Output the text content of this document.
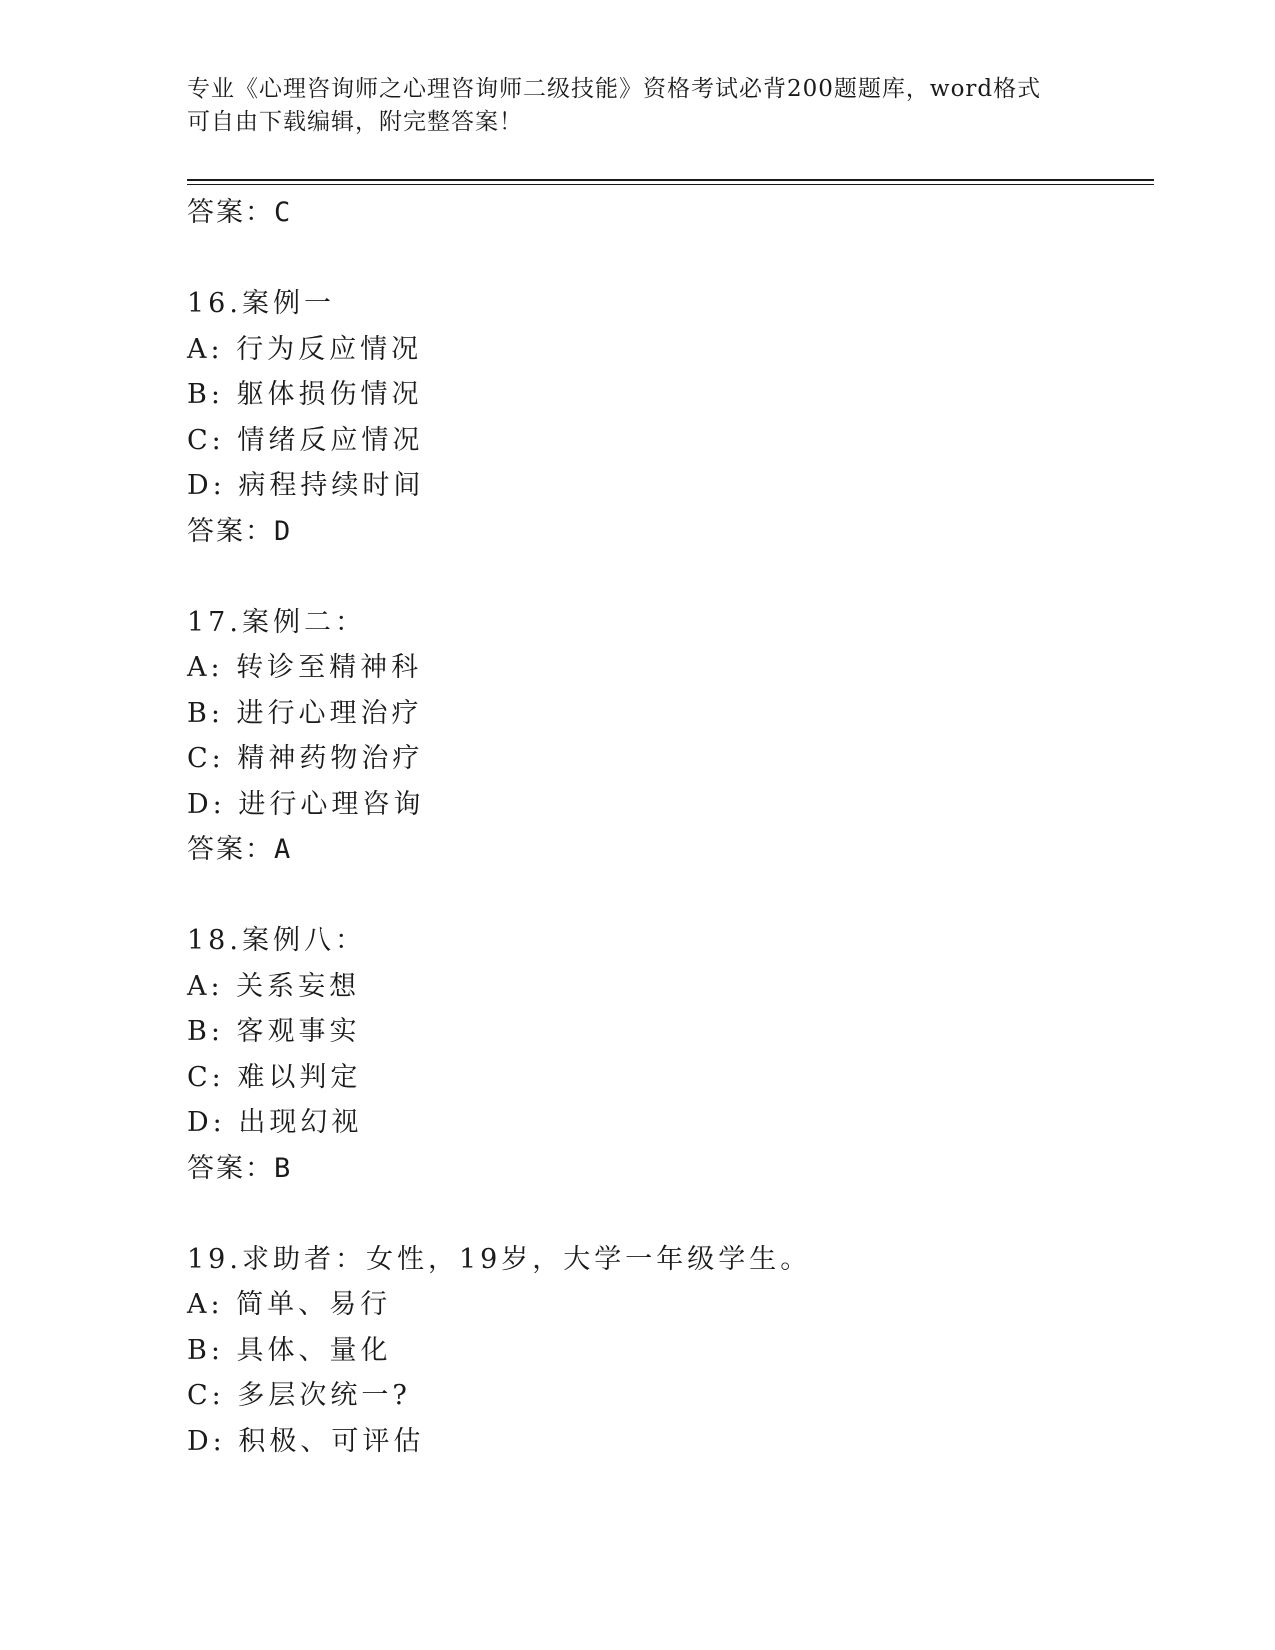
专业《心理咨询师之心理咨询师二级技能》资格考试必背200题题库，word格式
可自由下载编辑，附完整答案！
答案：C
16.案例一
A: 行为反应情况
B: 躯体损伤情况
C: 情绪反应情况
D: 病程持续时间
答案：D
17.案例二：
A: 转诊至精神科
B: 进行心理治疗
C: 精神药物治疗
D: 进行心理咨询
答案：A
18.案例八：
A: 关系妄想
B: 客观事实
C: 难以判定
D: 出现幻视
答案：B
19.求助者：女性，19岁，大学一年级学生。
A: 简单、易行
B: 具体、量化
C: 多层次统一?
D: 积极、可评估
